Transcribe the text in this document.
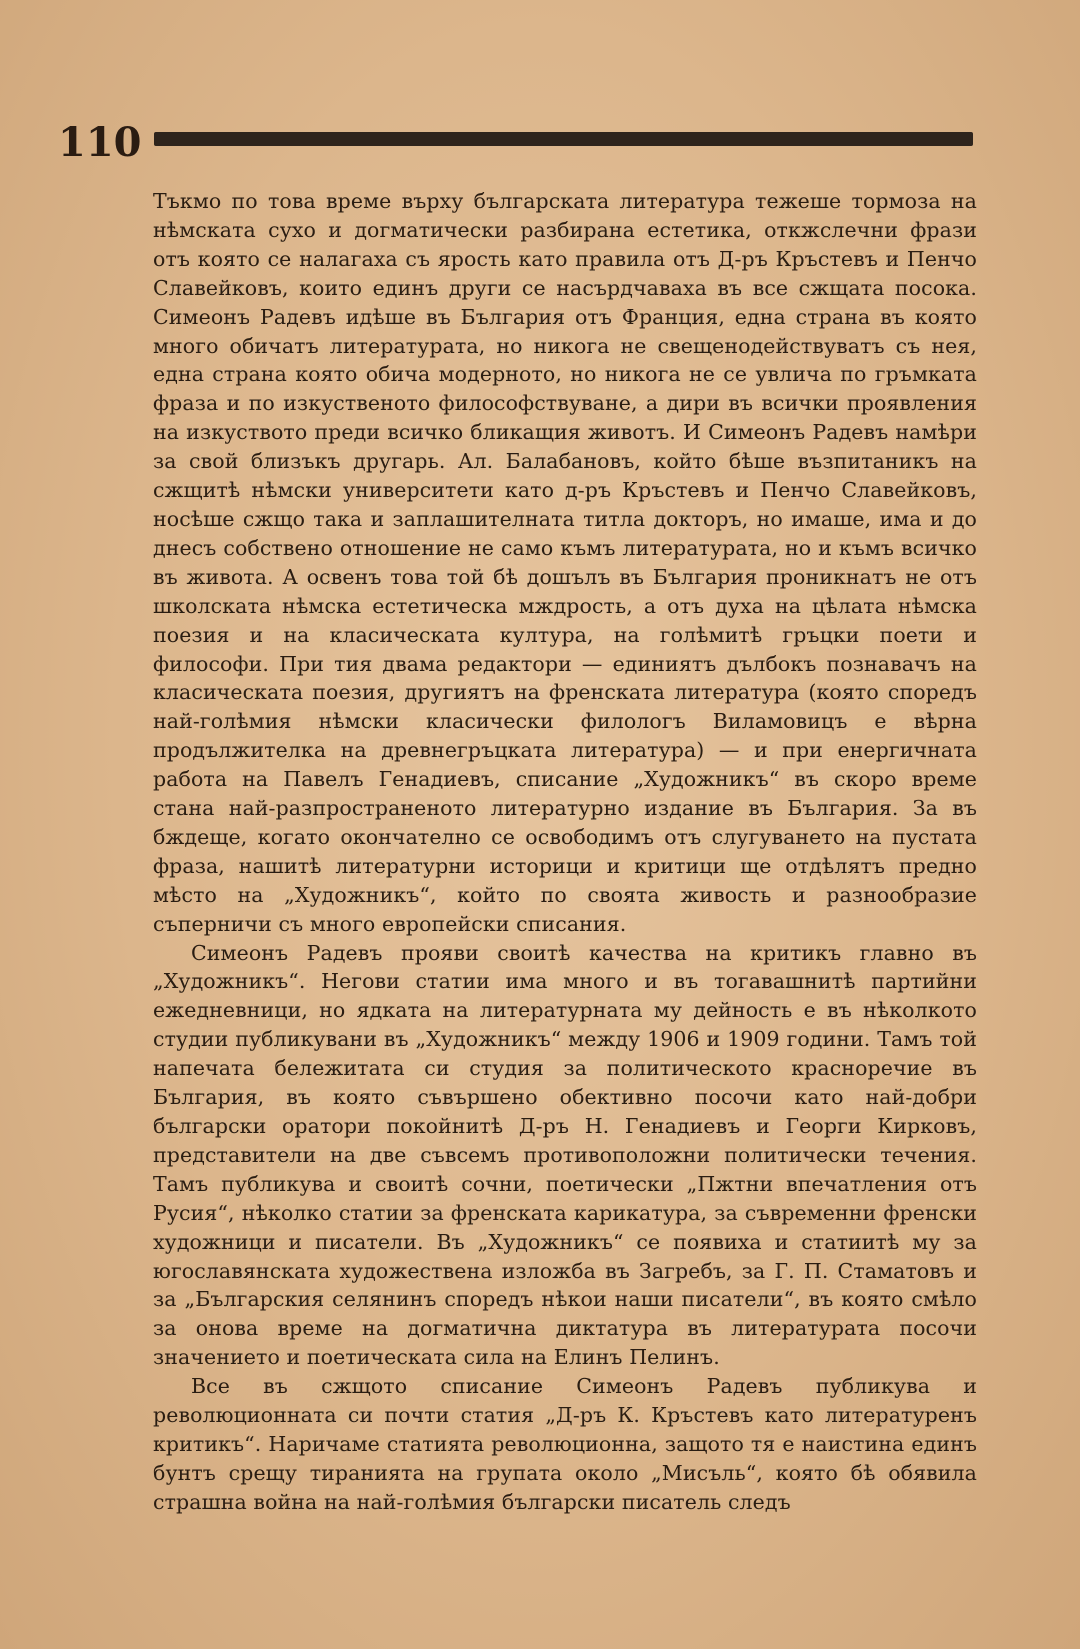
110

Тъкмо по това време върху българската литература тежеше тормоза на нѣмската сухо и догматически разбирана естетика, откжслечни фрази отъ която се налагаха съ ярость като правила отъ Д-ръ Кръстевъ и Пенчо Славейковъ, които единъ други се насърдчаваха въ все сжщата посока. Симеонъ Радевъ идѣше въ България отъ Франция, една страна въ която много обичатъ литературата, но никога не свещенодействуватъ съ нея, една страна която обича модерното, но никога не се увлича по гръмката фраза и по изкуственото философствуване, а дири въ всички проявления на изкуството преди всичко бликащия животъ. И Симеонъ Радевъ намѣри за свой близъкъ другарь. Ал. Балабановъ, който бѣше възпитаникъ на сжщитѣ нѣмски университети като д-ръ Кръстевъ и Пенчо Славейковъ, носѣше сжщо така и заплашителната титла докторъ, но имаше, има и до днесъ собствено отношение не само къмъ литературата, но и къмъ всичко въ живота. А освенъ това той бѣ дошълъ въ България проникнатъ не отъ школската нѣмска естетическа мждрость, а отъ духа на цѣлата нѣмска поезия и на класическата култура, на голѣмитѣ гръцки поети и философи. При тия двама редактори — единиятъ дълбокъ познавачъ на класическата поезия, другиятъ на френската литература (която споредъ най-голѣмия нѣмски класически филологъ Виламовицъ е вѣрна продължителка на древнегръцката литература) — и при енергичната работа на Павелъ Генадиевъ, списание „Художникъ“ въ скоро време стана най-разпространеното литературно издание въ България. За въ бждеще, когато окончателно се освободимъ отъ слугуването на пустата фраза, нашитѣ литературни историци и критици ще отдѣлятъ предно мѣсто на „Художникъ“, който по своята живость и разнообразие съперничи съ много европейски списания.

Симеонъ Радевъ прояви своитѣ качества на критикъ главно въ „Художникъ“. Негови статии има много и въ тогавашнитѣ партийни ежедневници, но ядката на литературната му дейность е въ нѣколкото студии публикувани въ „Художникъ“ между 1906 и 1909 години. Тамъ той напечата бележитата си студия за политическото красноречие въ България, въ която съвършено обективно посочи като най-добри български оратори покойнитѣ Д-ръ Н. Генадиевъ и Георги Кирковъ, представители на две съвсемъ противоположни политически течения. Тамъ публикува и своитѣ сочни, поетически „Пжтни впечатления отъ Русия“, нѣколко статии за френската карикатура, за съвременни френски художници и писатели. Въ „Художникъ“ се появиха и статиитѣ му за югославянската художествена изложба въ Загребъ, за Г. П. Стаматовъ и за „Българския селянинъ споредъ нѣкои наши писатели“, въ която смѣло за онова време на догматична диктатура въ литературата посочи значението и поетическата сила на Елинъ Пелинъ.

Все въ сжщото списание Симеонъ Радевъ публикува и революционната си почти статия „Д-ръ К. Кръстевъ като литературенъ критикъ“. Наричаме статията революционна, защото тя е наистина единъ бунтъ срещу тиранията на групата около „Мисъль“, която бѣ обявила страшна война на най-голѣмия български писатель следъ
